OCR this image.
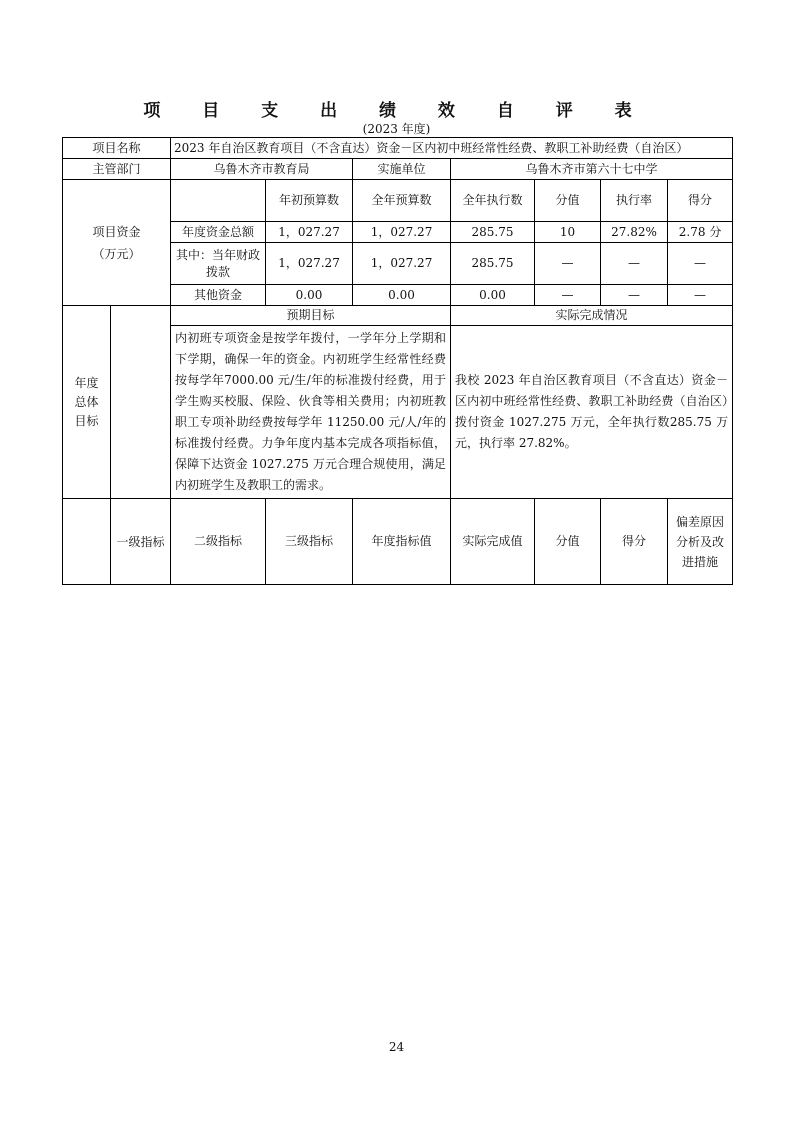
项 目 支 出 绩 效 自 评 表
(2023 年度)
项目名称		2023 年自治区教育项目（不含直达）资金－区内初中班经常性经费、教职工补助经费（自治区）						
主管部门		乌鲁木齐市教育局		实施单位	乌鲁木齐市第六十七中学			
项目资金
（万元）			年初预算数	全年预算数	全年执行数	分值	执行率	得分
		年度资金总额	1，027.27	1，027.27	285.75	10	27.82%	2.78 分
		其中：当年财政拨款	1，027.27	1，027.27	285.75	—	—	—
		其他资金	0.00	0.00	0.00	—	—	—
年度
总体
目标		预期目标			实际完成情况			
		内初班专项资金是按学年拨付，一学年分上学期和下学期，确保一年的资金。内初班学生经常性经费按每学年7000.00 元/生/年的标准拨付经费，用于学生购买校服、保险、伙食等相关费用；内初班教职工专项补助经费按每学年 11250.00 元/人/年的标准拨付经费。力争年度内基本完成各项指标值，保障下达资金 1027.275 万元合理合规使用，满足内初班学生及教职工的需求。			我校 2023 年自治区教育项目（不含直达）资金－区内初中班经常性经费、教职工补助经费（自治区）拨付资金 1027.275 万元，全年执行数285.75 万元，执行率 27.82%。			
	一级指标	二级指标	三级指标	年度指标值	实际完成值	分值	得分	偏差原因分析及改进措施
24
